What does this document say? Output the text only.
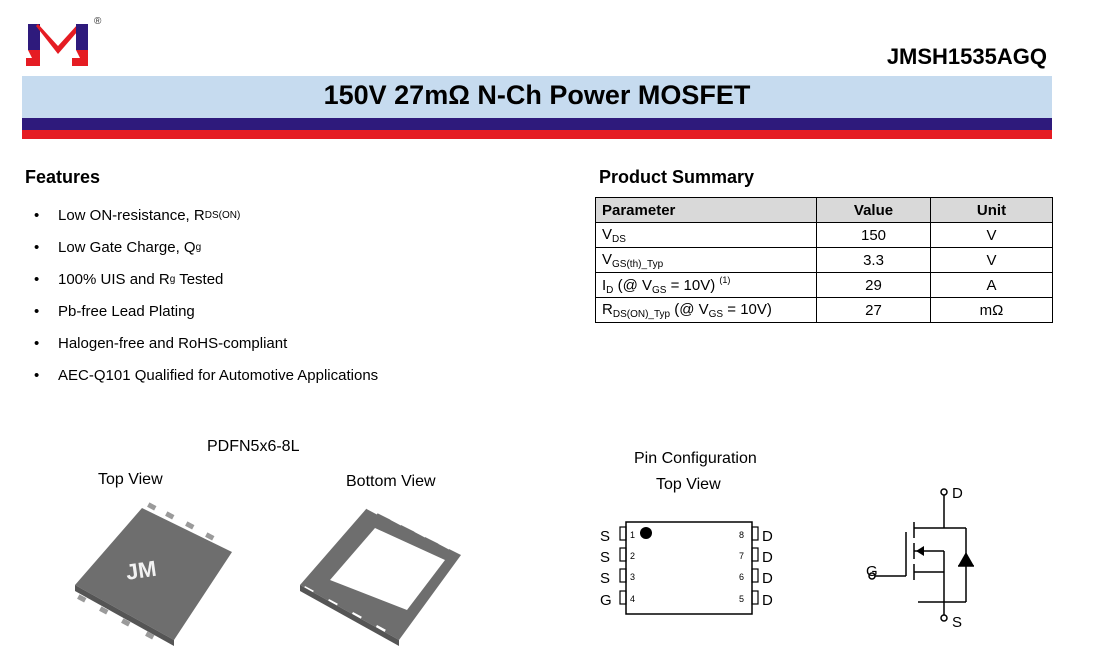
®
JMSH1535AGQ
150V 27mΩ N-Ch Power MOSFET
Features
•	Low ON-resistance, R DS(ON)
•	Low Gate Charge, Q g
•	100% UIS and R g Tested
•	Pb-free Lead Plating
•	Halogen-free and RoHS-compliant
•	AEC-Q101 Qualified for Automotive Applications
Product Summary
Parameter	Value	Unit
$V_{DS}$	150	V
$V_{GS(th)\_Typ}$	3.3	V
$I_D$ (@ $V_{GS} = 10V$) $^{(1)}$	29	A
$R_{DS(ON)\_Typ}$ (@ $V_{GS} = 10V$)	27	mΩ
PDFN5x6-8L
Top View	Bottom View
JM
Pin Configuration
Top View
S
S
S
G
1
2
3
4
8
7
6
5
D
D
D
D
D
G
S
